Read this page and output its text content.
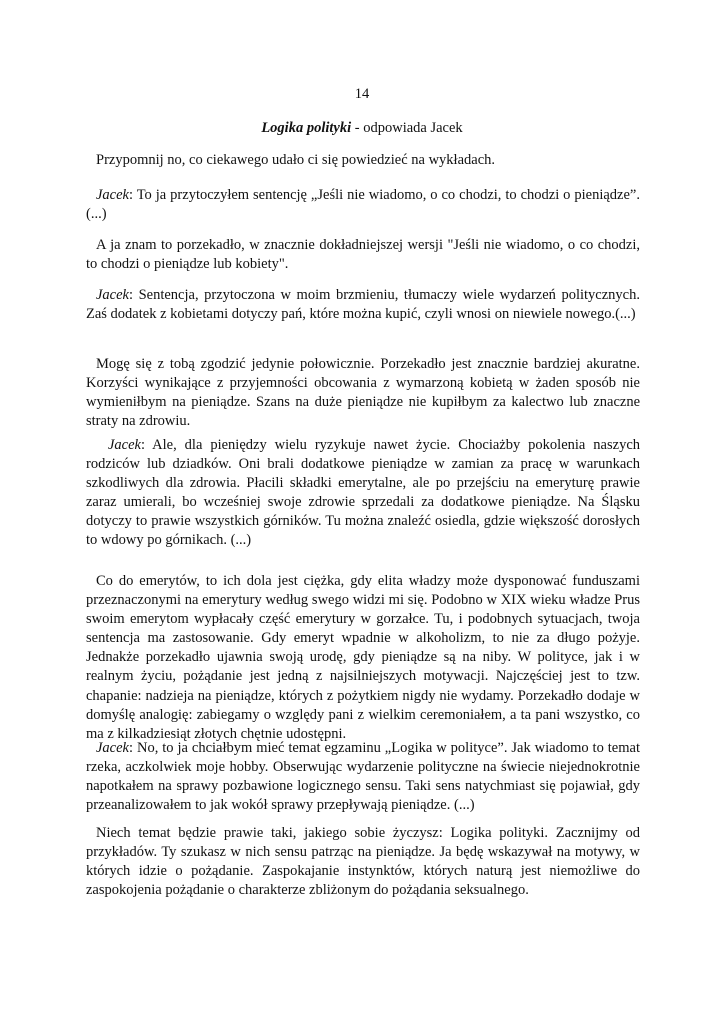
14
Logika polityki - odpowiada Jacek

Przypomnij no, co ciekawego udało ci się powiedzieć na wykładach.

Jacek: To ja przytoczyłem sentencję „Jeśli nie wiadomo, o co chodzi, to chodzi o pieniądze”. (...)

A ja znam to porzekadło, w znacznie dokładniejszej wersji "Jeśli nie wiadomo, o co chodzi, to chodzi o pieniądze lub kobiety".

Jacek: Sentencja, przytoczona w moim brzmieniu, tłumaczy wiele wydarzeń politycznych. Zaś dodatek z kobietami dotyczy pań, które można kupić, czyli wnosi on niewiele nowego.(...)

Mogę się z tobą zgodzić jedynie połowicznie. Porzekadło jest znacznie bardziej akuratne. Korzyści wynikające z przyjemności obcowania z wymarzoną kobietą w żaden sposób nie wymieniłbym na pieniądze. Szans na duże pieniądze nie kupiłbym za kalectwo lub znaczne straty na zdrowiu.

Jacek: Ale, dla pieniędzy wielu ryzykuje nawet życie. Chociażby pokolenia naszych rodziców lub dziadków. Oni brali dodatkowe pieniądze w zamian za pracę w warunkach szkodliwych dla zdrowia. Płacili składki emerytalne, ale po przejściu na emeryturę prawie zaraz umierali, bo wcześniej swoje zdrowie sprzedali za dodatkowe pieniądze. Na Śląsku dotyczy to prawie wszystkich górników. Tu można znaleźć osiedla, gdzie większość dorosłych to wdowy po górnikach. (...)

Co do emerytów, to ich dola jest ciężka, gdy elita władzy może dysponować funduszami przeznaczonymi na emerytury według swego widzi mi się. Podobno w XIX wieku władze Prus swoim emerytom wypłacały część emerytury w gorzałce. Tu, i podobnych sytuacjach, twoja sentencja ma zastosowanie. Gdy emeryt wpadnie w alkoholizm, to nie za długo pożyje. Jednakże porzekadło ujawnia swoją urodę, gdy pieniądze są na niby. W polityce, jak i w realnym życiu, pożądanie jest jedną z najsilniejszych motywacji. Najczęściej jest to tzw. chapanie: nadzieja na pieniądze, których z pożytkiem nigdy nie wydamy. Porzekadło dodaje w domyślę analogię: zabiegamy o względy pani z wielkim ceremoniałem, a ta pani wszystko, co ma z kilkadziesiąt złotych chętnie udostępni.

Jacek: No, to ja chciałbym mieć temat egzaminu „Logika w polityce”. Jak wiadomo to temat rzeka, aczkolwiek moje hobby. Obserwując wydarzenie polityczne na świecie niejednokrotnie napotkałem na sprawy pozbawione logicznego sensu. Taki sens natychmiast się pojawiał, gdy przeanalizowałem to jak wokół sprawy przepływają pieniądze. (...)

Niech temat będzie prawie taki, jakiego sobie życzysz: Logika polityki. Zacznijmy od przykładów. Ty szukasz w nich sensu patrząc na pieniądze. Ja będę wskazywał na motywy, w których idzie o pożądanie. Zaspokajanie instynktów, których naturą jest niemożliwe do zaspokojenia pożądanie o charakterze zbliżonym do pożądania seksualnego.
